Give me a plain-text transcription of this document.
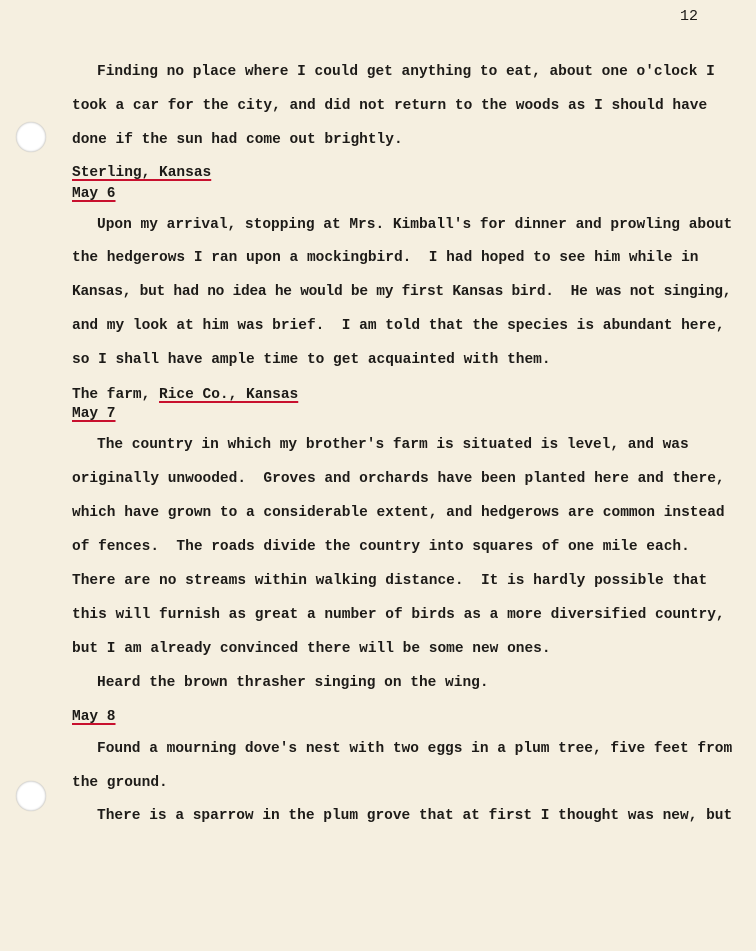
12
Finding no place where I could get anything to eat, about one o'clock I
took a car for the city, and did not return to the woods as I should have
done if the sun had come out brightly.
Sterling, Kansas
May 6
Upon my arrival, stopping at Mrs. Kimball's for dinner and prowling about
the hedgerows I ran upon a mockingbird.  I had hoped to see him while in
Kansas, but had no idea he would be my first Kansas bird.  He was not singing,
and my look at him was brief.  I am told that the species is abundant here,
so I shall have ample time to get acquainted with them.
The farm, Rice Co., Kansas
May 7
The country in which my brother's farm is situated is level, and was
originally unwooded.  Groves and orchards have been planted here and there,
which have grown to a considerable extent, and hedgerows are common instead
of fences.  The roads divide the country into squares of one mile each.
There are no streams within walking distance.  It is hardly possible that
this will furnish as great a number of birds as a more diversified country,
but I am already convinced there will be some new ones.
Heard the brown thrasher singing on the wing.
May 8
Found a mourning dove's nest with two eggs in a plum tree, five feet from
the ground.
There is a sparrow in the plum grove that at first I thought was new, but
